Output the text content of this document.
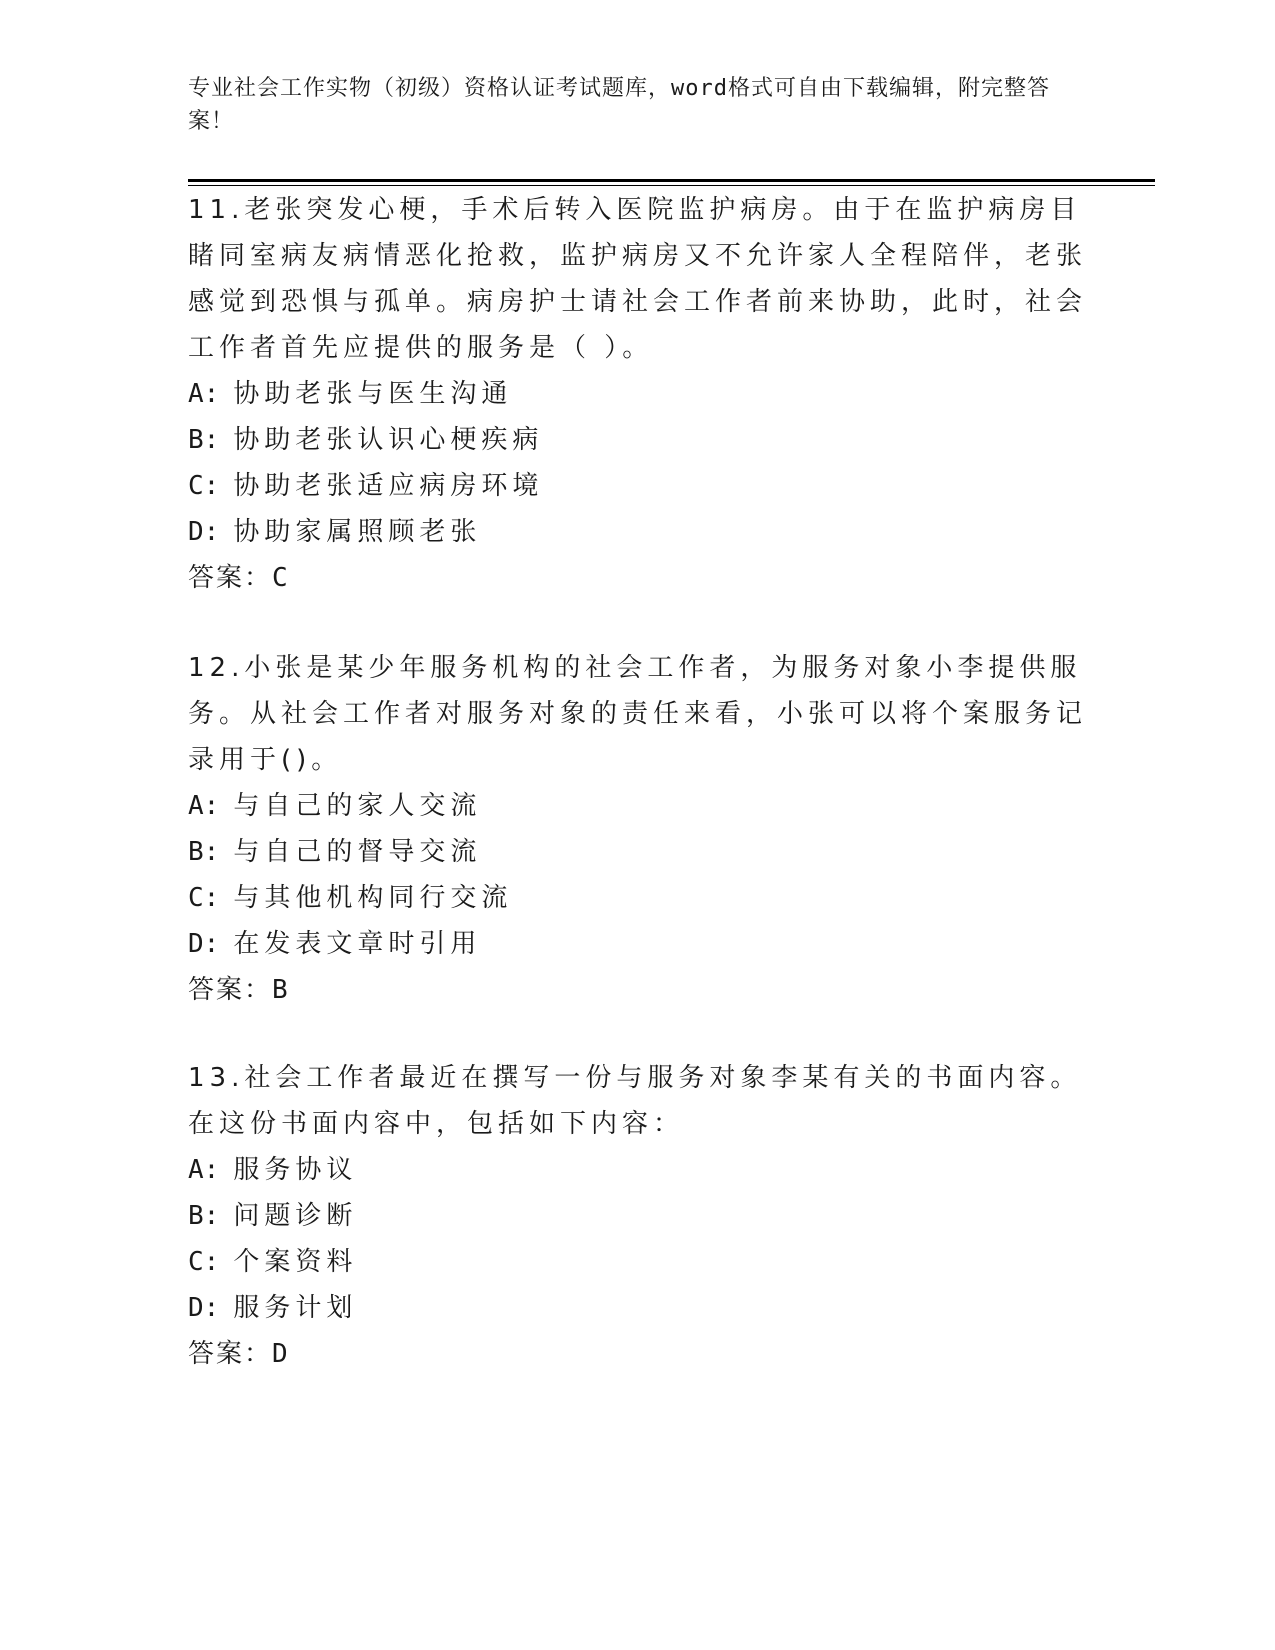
专业社会工作实物（初级）资格认证考试题库，word格式可自由下载编辑，附完整答案！

11.老张突发心梗，手术后转入医院监护病房。由于在监护病房目睹同室病友病情恶化抢救，监护病房又不允许家人全程陪伴，老张感觉到恐惧与孤单。病房护士请社会工作者前来协助，此时，社会工作者首先应提供的服务是（ ）。

A: 协助老张与医生沟通

B: 协助老张认识心梗疾病

C: 协助老张适应病房环境

D: 协助家属照顾老张

答案：C

12.小张是某少年服务机构的社会工作者，为服务对象小李提供服务。从社会工作者对服务对象的责任来看，小张可以将个案服务记录用于()。

A: 与自己的家人交流

B: 与自己的督导交流

C: 与其他机构同行交流

D: 在发表文章时引用

答案：B

13.社会工作者最近在撰写一份与服务对象李某有关的书面内容。在这份书面内容中，包括如下内容：

A: 服务协议

B: 问题诊断

C: 个案资料

D: 服务计划

答案：D
